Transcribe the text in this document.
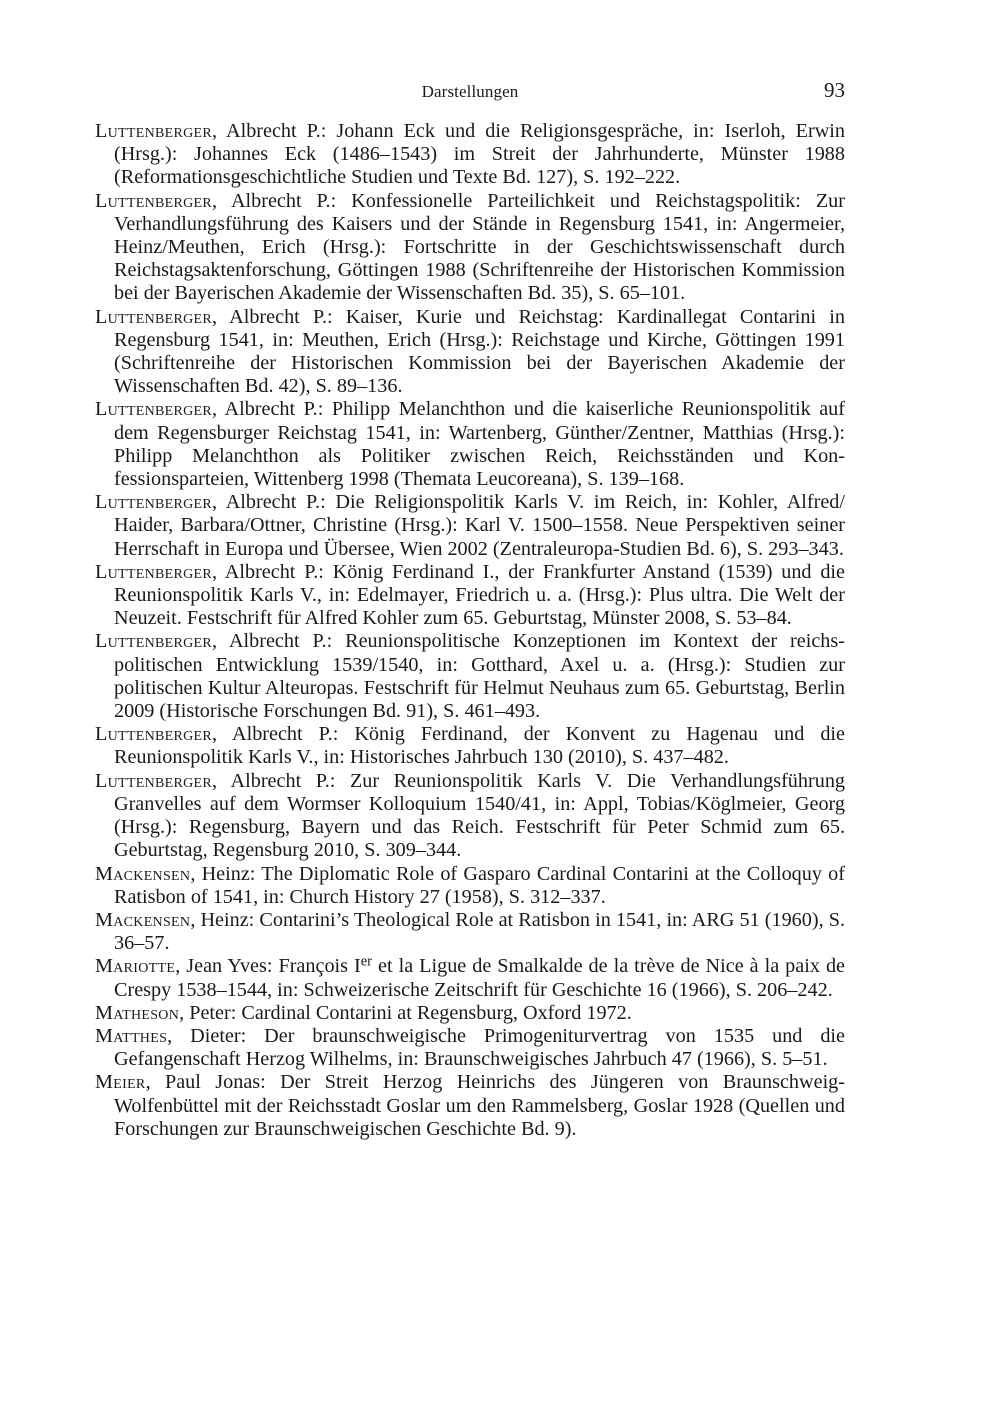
Darstellungen	93

Luttenberger, Albrecht P.: Johann Eck und die Religionsgespräche, in: Iserloh, Erwin (Hrsg.): Johannes Eck (1486–1543) im Streit der Jahrhunderte, Münster 1988 (Reformationsgeschichtliche Studien und Texte Bd. 127), S. 192–222.

Luttenberger, Albrecht P.: Konfessionelle Parteilichkeit und Reichstagspolitik: Zur Verhandlungsführung des Kaisers und der Stände in Regensburg 1541, in: Angermeier, Heinz/Meuthen, Erich (Hrsg.): Fortschritte in der Geschichtswissenschaft durch Reichstagsaktenforschung, Göttingen 1988 (Schriftenreihe der Historischen Kommission bei der Bayerischen Akademie der Wissenschaften Bd. 35), S. 65–101.

Luttenberger, Albrecht P.: Kaiser, Kurie und Reichstag: Kardinallegat Contarini in Regensburg 1541, in: Meuthen, Erich (Hrsg.): Reichstage und Kirche, Göttingen 1991 (Schriftenreihe der Historischen Kommission bei der Bayerischen Akademie der Wissenschaften Bd. 42), S. 89–136.

Luttenberger, Albrecht P.: Philipp Melanchthon und die kaiserliche Reunionspolitik auf dem Regensburger Reichstag 1541, in: Wartenberg, Günther/Zentner, Matthias (Hrsg.): Philipp Melanchthon als Politiker zwischen Reich, Reichsständen und Konfessionsparteien, Wittenberg 1998 (Themata Leucoreana), S. 139–168.

Luttenberger, Albrecht P.: Die Religionspolitik Karls V. im Reich, in: Kohler, Alfred/ Haider, Barbara/Ottner, Christine (Hrsg.): Karl V. 1500–1558. Neue Perspektiven seiner Herrschaft in Europa und Übersee, Wien 2002 (Zentraleuropa-Studien Bd. 6), S. 293–343.

Luttenberger, Albrecht P.: König Ferdinand I., der Frankfurter Anstand (1539) und die Reunionspolitik Karls V., in: Edelmayer, Friedrich u. a. (Hrsg.): Plus ultra. Die Welt der Neuzeit. Festschrift für Alfred Kohler zum 65. Geburtstag, Münster 2008, S. 53–84.

Luttenberger, Albrecht P.: Reunionspolitische Konzeptionen im Kontext der reichspolitischen Entwicklung 1539/1540, in: Gotthard, Axel u. a. (Hrsg.): Studien zur politischen Kultur Alteuropas. Festschrift für Helmut Neuhaus zum 65. Geburtstag, Berlin 2009 (Historische Forschungen Bd. 91), S. 461–493.

Luttenberger, Albrecht P.: König Ferdinand, der Konvent zu Hagenau und die Reunionspolitik Karls V., in: Historisches Jahrbuch 130 (2010), S. 437–482.

Luttenberger, Albrecht P.: Zur Reunionspolitik Karls V. Die Verhandlungsführung Granvelles auf dem Wormser Kolloquium 1540/41, in: Appl, Tobias/Köglmeier, Georg (Hrsg.): Regensburg, Bayern und das Reich. Festschrift für Peter Schmid zum 65. Geburtstag, Regensburg 2010, S. 309–344.

Mackensen, Heinz: The Diplomatic Role of Gasparo Cardinal Contarini at the Colloquy of Ratisbon of 1541, in: Church History 27 (1958), S. 312–337.

Mackensen, Heinz: Contarini’s Theological Role at Ratisbon in 1541, in: ARG 51 (1960), S. 36–57.

Mariotte, Jean Yves: François Ier et la Ligue de Smalkalde de la trève de Nice à la paix de Crespy 1538–1544, in: Schweizerische Zeitschrift für Geschichte 16 (1966), S. 206–242.

Matheson, Peter: Cardinal Contarini at Regensburg, Oxford 1972.

Matthes, Dieter: Der braunschweigische Primogeniturvertrag von 1535 und die Gefangenschaft Herzog Wilhelms, in: Braunschweigisches Jahrbuch 47 (1966), S. 5–51.

Meier, Paul Jonas: Der Streit Herzog Heinrichs des Jüngeren von Braunschweig-Wolfenbüttel mit der Reichsstadt Goslar um den Rammelsberg, Goslar 1928 (Quellen und Forschungen zur Braunschweigischen Geschichte Bd. 9).
